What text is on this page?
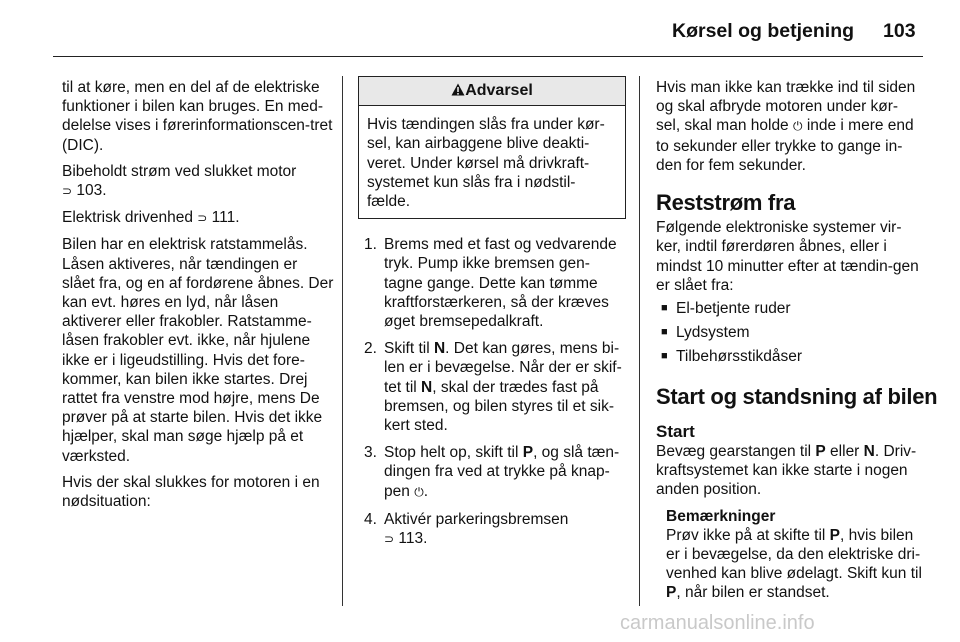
Kørsel og betjening 103

til at køre, men en del af de elektriske funktioner i bilen kan bruges. En med-delelse vises i førerinformationscen-tret (DIC).

Bibeholdt strøm ved slukket motor
⊃ 103.

Elektrisk drivenhed ⊃ 111.

Bilen har en elektrisk ratstammelås. Låsen aktiveres, når tændingen er slået fra, og en af fordørene åbnes. Der kan evt. høres en lyd, når låsen aktiverer eller frakobler. Ratstamme-låsen frakobler evt. ikke, når hjulene ikke er i ligeudstilling. Hvis det fore-kommer, kan bilen ikke startes. Drej rattet fra venstre mod højre, mens De prøver på at starte bilen. Hvis det ikke hjælper, skal man søge hjælp på et værksted.

Hvis der skal slukkes for motoren i en nødsituation:

Advarsel
Hvis tændingen slås fra under kør-sel, kan airbaggene blive deakti-veret. Under kørsel må drivkraft-systemet kun slås fra i nødstil-fælde.
1. Brems med et fast og vedvarende tryk. Pump ikke bremsen gen-tagne gange. Dette kan tømme kraftforstærkeren, så der kræves øget bremsepedalkraft.
2. Skift til N. Det kan gøres, mens bi-len er i bevægelse. Når der er skif-tet til N, skal der trædes fast på bremsen, og bilen styres til et sik-kert sted.
3. Stop helt op, skift til P, og slå tæn-dingen fra ved at trykke på knap-pen ⏻.
4. Aktivér parkeringsbremsen
⊃ 113.

Hvis man ikke kan trække ind til siden og skal afbryde motoren under kør-sel, skal man holde ⏻ inde i mere end to sekunder eller trykke to gange in-den for fem sekunder.

Reststrøm fra

Følgende elektroniske systemer vir-ker, indtil førerdøren åbnes, eller i mindst 10 minutter efter at tændin-gen er slået fra:

■ El-betjente ruder
■ Lydsystem
■ Tilbehørsstikdåser
Start og standsning af bilen
Start

Bevæg gearstangen til P eller N. Driv-kraftsystemet kan ikke starte i nogen anden position.

Bemærkninger
Prøv ikke på at skifte til P, hvis bilen er i bevægelse, da den elektriske dri-venhed kan blive ødelagt. Skift kun til P, når bilen er standset.
carmanualsonline.info
